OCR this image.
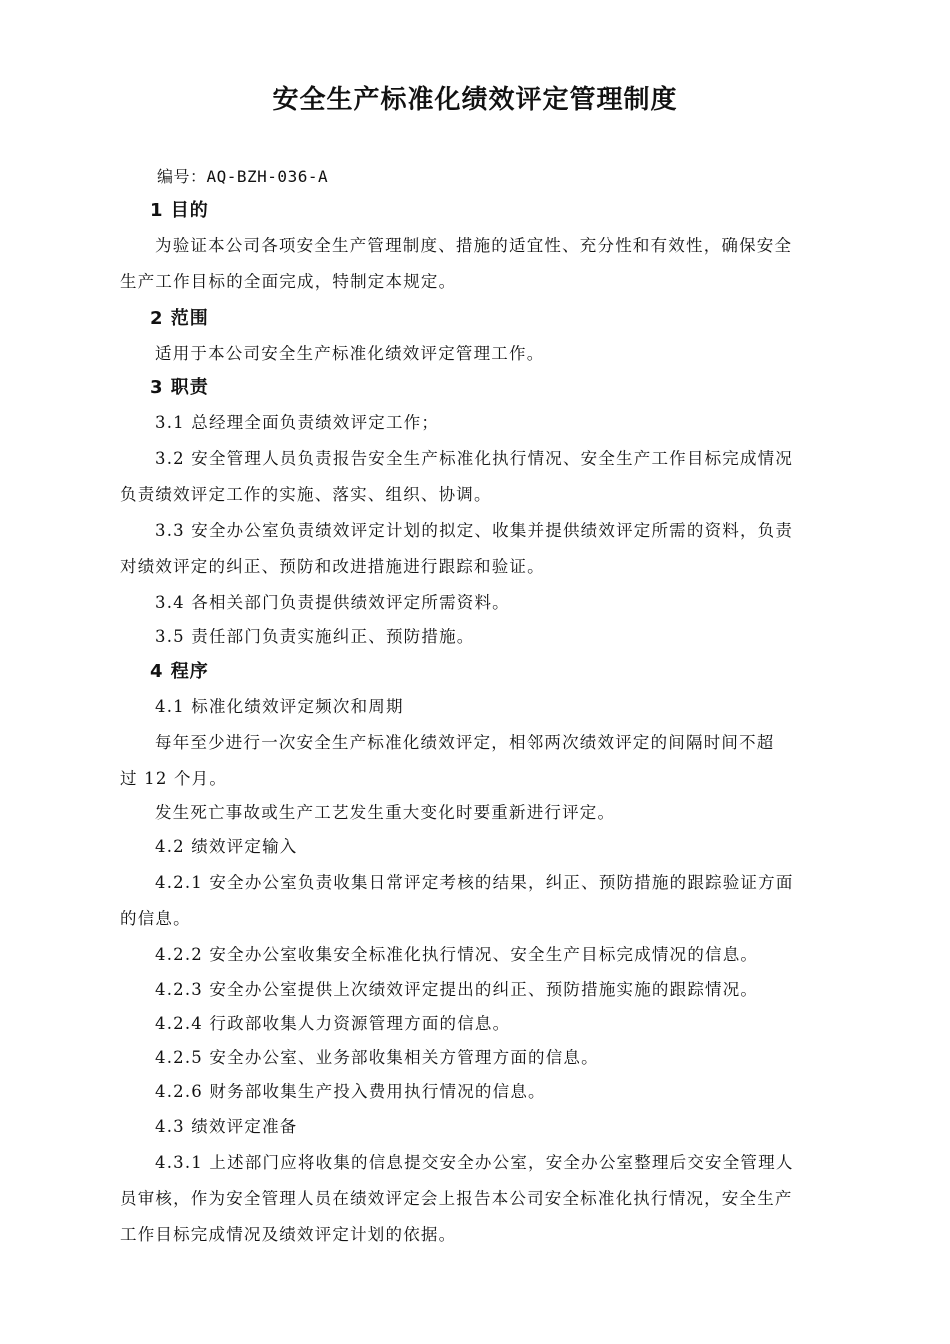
安全生产标准化绩效评定管理制度
编号：AQ-BZH-036-A
1 目的
为验证本公司各项安全生产管理制度、措施的适宜性、充分性和有效性，确保安全
生产工作目标的全面完成，特制定本规定。
2 范围
适用于本公司安全生产标准化绩效评定管理工作。
3 职责
3.1 总经理全面负责绩效评定工作；
3.2 安全管理人员负责报告安全生产标准化执行情况、安全生产工作目标完成情况
负责绩效评定工作的实施、落实、组织、协调。
3.3 安全办公室负责绩效评定计划的拟定、收集并提供绩效评定所需的资料，负责
对绩效评定的纠正、预防和改进措施进行跟踪和验证。
3.4 各相关部门负责提供绩效评定所需资料。
3.5 责任部门负责实施纠正、预防措施。
4 程序
4.1 标准化绩效评定频次和周期
每年至少进行一次安全生产标准化绩效评定，相邻两次绩效评定的间隔时间不超
过 12 个月。
发生死亡事故或生产工艺发生重大变化时要重新进行评定。
4.2 绩效评定输入
4.2.1 安全办公室负责收集日常评定考核的结果，纠正、预防措施的跟踪验证方面
的信息。
4.2.2 安全办公室收集安全标准化执行情况、安全生产目标完成情况的信息。
4.2.3 安全办公室提供上次绩效评定提出的纠正、预防措施实施的跟踪情况。
4.2.4 行政部收集人力资源管理方面的信息。
4.2.5 安全办公室、业务部收集相关方管理方面的信息。
4.2.6 财务部收集生产投入费用执行情况的信息。
4.3 绩效评定准备
4.3.1 上述部门应将收集的信息提交安全办公室，安全办公室整理后交安全管理人
员审核，作为安全管理人员在绩效评定会上报告本公司安全标准化执行情况，安全生产
工作目标完成情况及绩效评定计划的依据。
